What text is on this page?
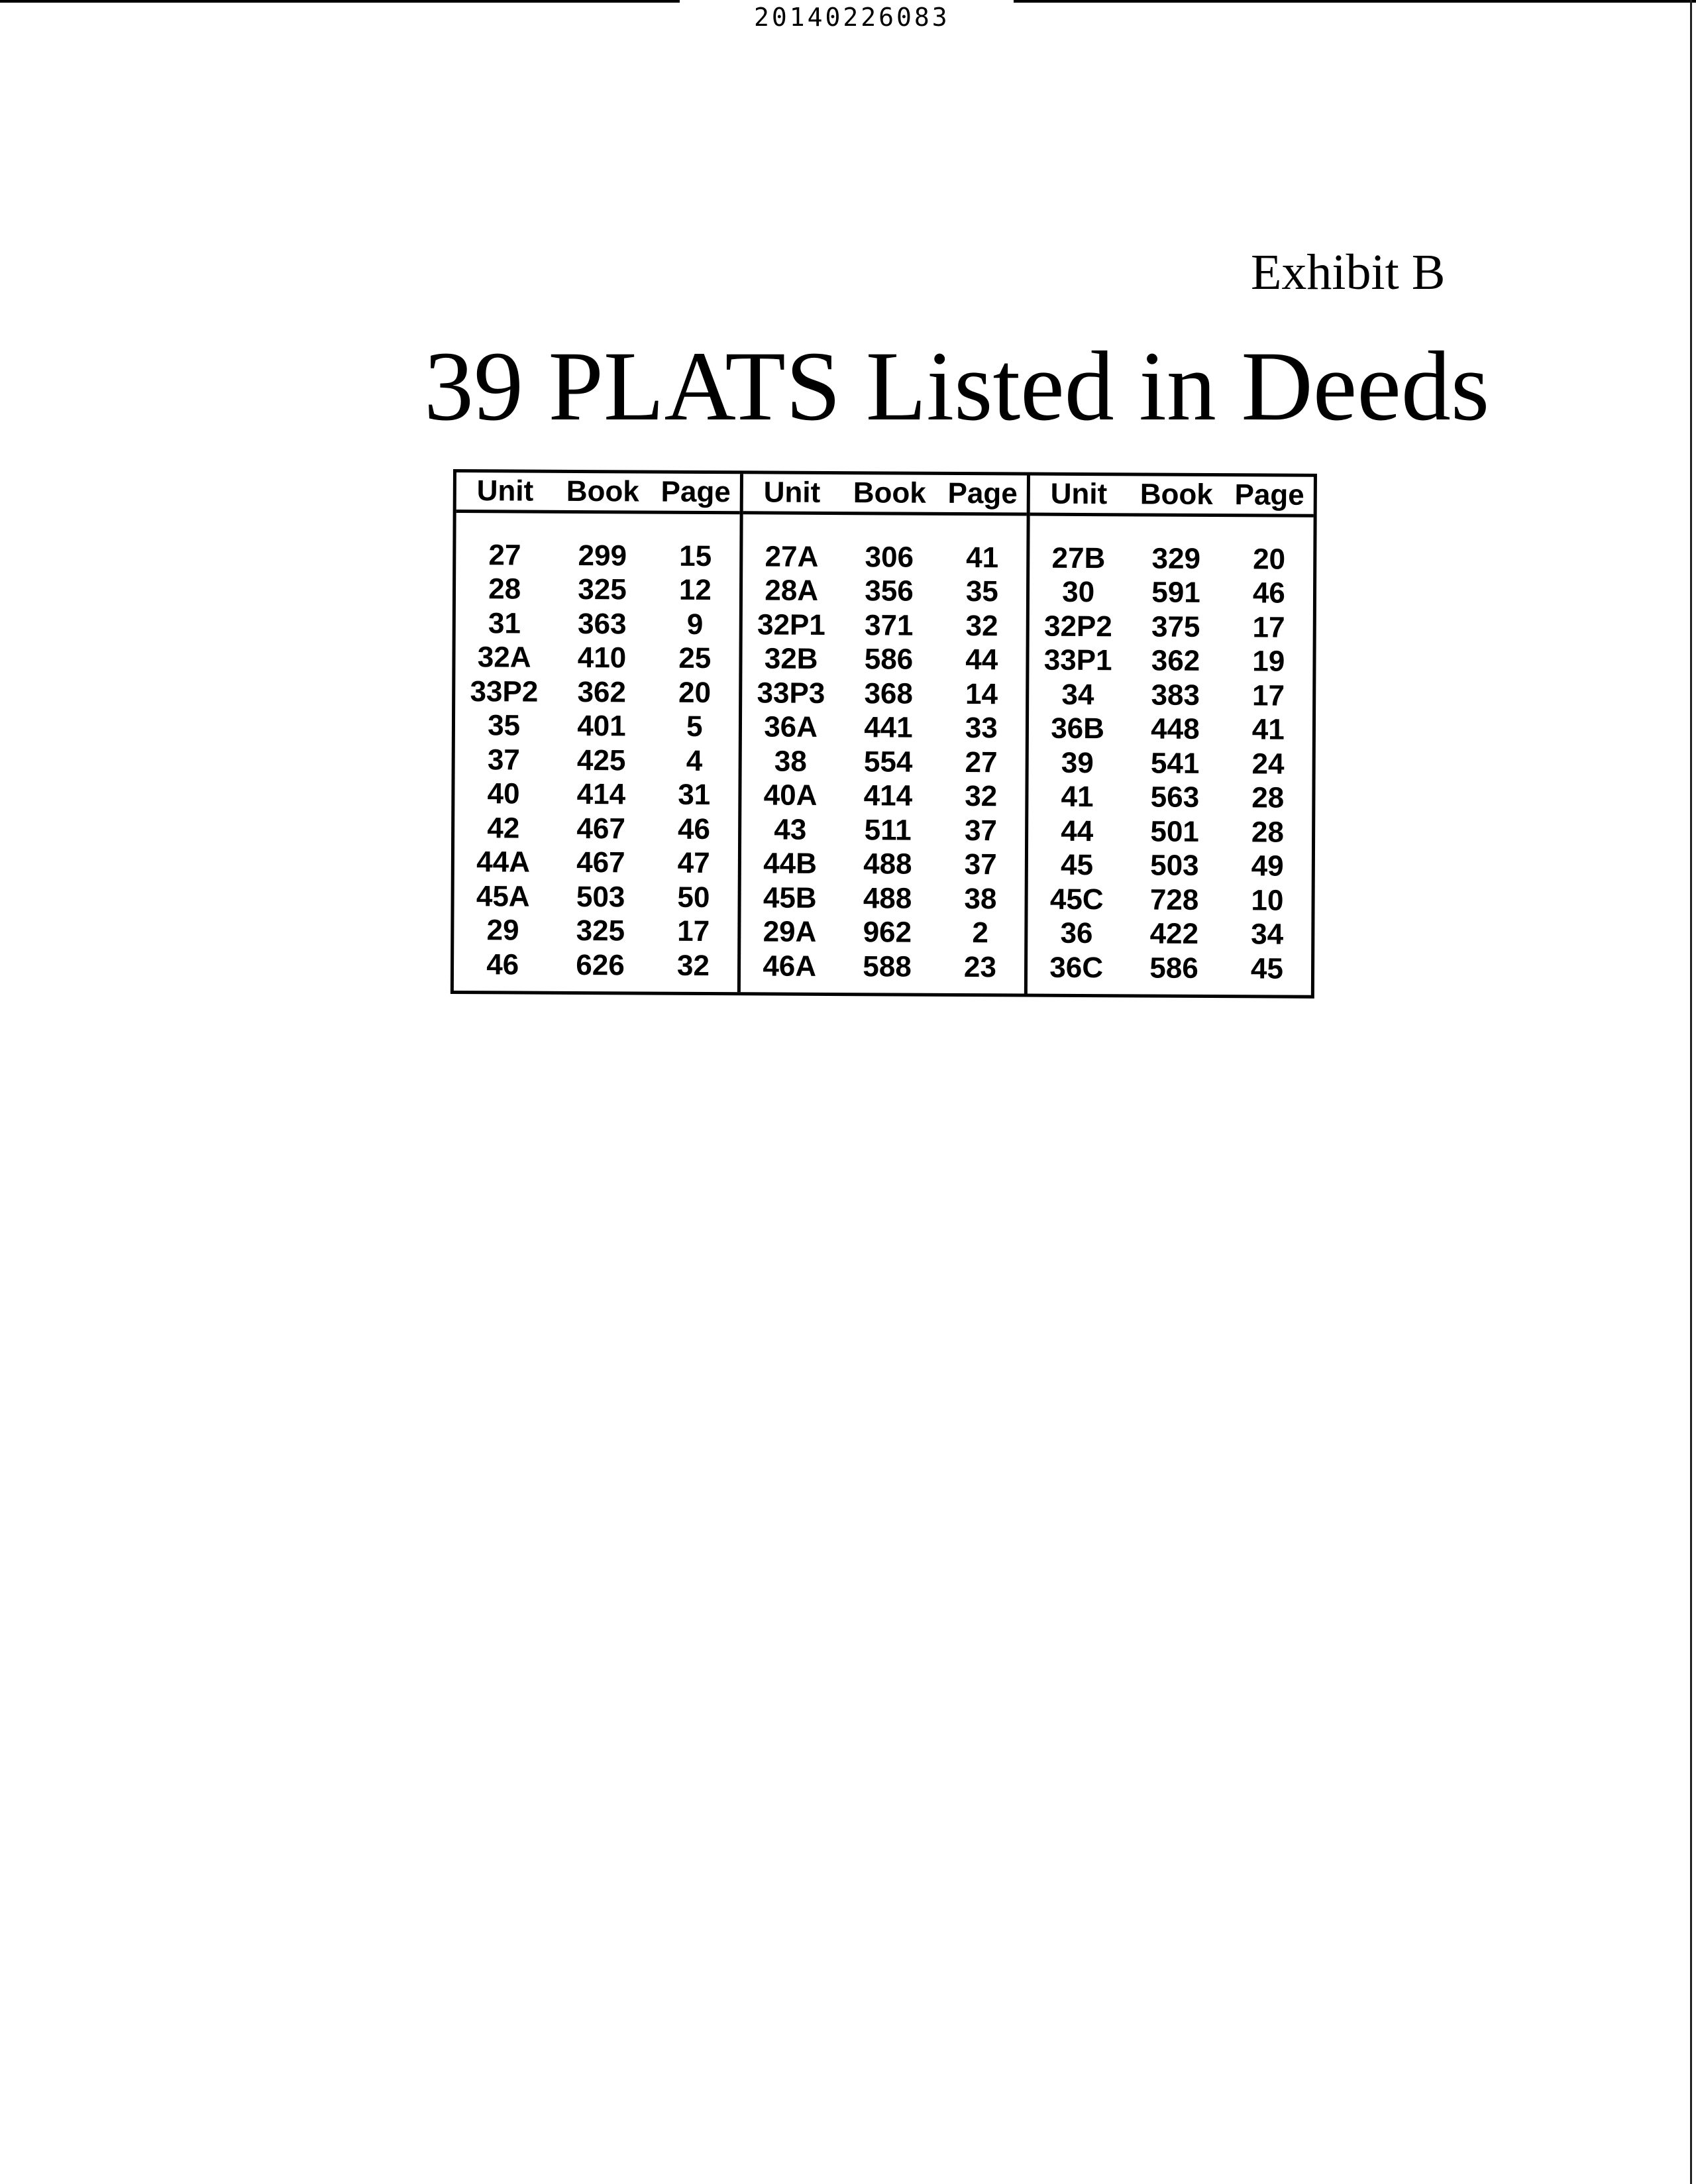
20140226083
Exhibit B
39 PLATS Listed in Deeds
Unit	Book Page
27	299	15
28	325	12
31	363	9
32A	410	25
33P2	362	20
35	401	5
37	425	4
40	414	31
42	467	46
44A	467	47
45A	503	50
29	325	17
46	626	32
Unit	Book Page
27A	306	41
28A	356	35
32P1	371	32
32B	586	44
33P3	368	14
36A	441	33
38	554	27
40A	414	32
43	511	37
44B	488	37
45B	488	38
29A	962	2
46A	588	23
Unit	Book Page
27B	329	20
30	591	46
32P2	375	17
33P1	362	19
34	383	17
36B	448	41
39	541	24
41	563	28
44	501	28
45	503	49
45C	728	10
36	422	34
36C	586	45
